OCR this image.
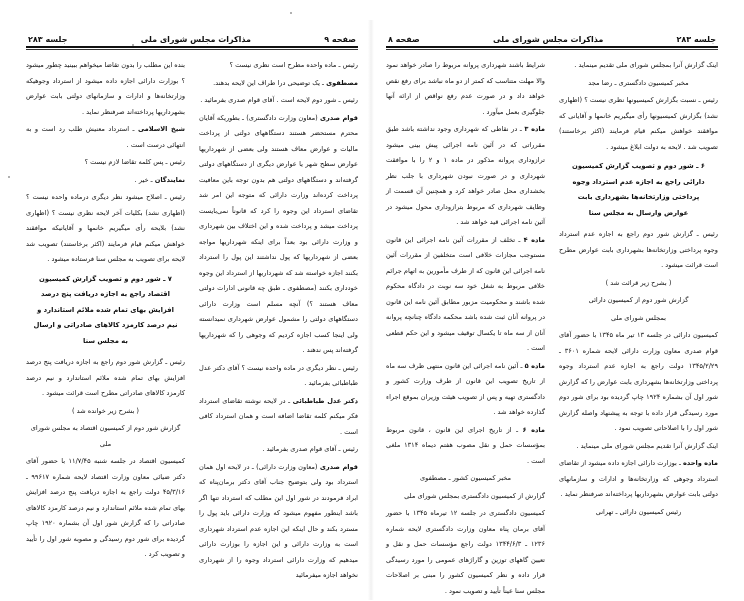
صفحه ۹
مذاکرات مجلس شورای ملی
جلسه ۲۸۳

رئیس ـ ماده واحده مطرح است نظری نیست ؟

مصطفوی ـ یک توضیحی درا طراف این لایحه بدهند.

رئیس ـ شور دوم لایحه است . آقای قوام صدری بفرمائید .

قوام صدری (معاون وزارت دادگستری) ـ بطوریکه آقایان محترم مستحضر هستند دستگاههای دولتی از پرداخت مالیات و عوارض معاف هستند ولی بعضی از شهرداریها عوارض سطح شهر یا عوارض دیگری از دستگاههای دولتی گرفته‌اند و دستگاههای دولتی هم بدون توجه باین معافیت پرداخت کرده‌اند وزارت دارائی که متوجه این امر شد تقاضای استرداد این وجوه را کرد که قانوناً نمی‌بایست پرداخت میشد و پرداخت شده و این اختلاف بین شهرداری و وزارت دارائی بود بعداً برای اینکه شهرداریها مواجه بعضی از شهرداریها که پول نداشتند این پول را استرداد بکنند اجازه خواسته شد که شهرداریها از استرداد این وجوه خودداری بکنند (مصطفوی ـ طبق چه قانونی ادارات دولتی معاف هستند ؟) آنچه مسلم است وزارت دارائی دستگاههای دولتی را مشمول عوارض شهرداری نمیدانسته ولی اینجا کسب اجازه کردیم که وجوهی را که شهرداریها گرفته‌اند پس ندهند .

رئیس ـ نظر دیگری در ماده واحده نیست ؟ آقای دکتر عدل طباطبائی بفرمائید .

دکتر عدل طباطبائی ـ در لایحه نوشته تقاضای استرداد فکر میکنم کلمه تقاضا اضافه است و همان استرداد کافی است .

رئیس ـ آقای قوام صدری بفرمائید .

قوام صدری (معاون وزارت دارائی) ـ در لایحه اول همان استرداد بود ولی بتوضیح جناب آقای دکتر برمان‌پناه که ابراد فرمودند در شور اول این مطلب که استرداد تنها اگر باشد اینطور مفهوم میشود که وزارت دارائی باید پول را مسترد بکند و حال اینکه این اجازه عدم استرداد شهرداری است به وزارت دارائی و این اجازه را بوزارت دارائی میدهیم که وزارت دارائی استرداد وجوه را از شهرداری نخواهد اجازه میفرمائید

بنده این مطلب را بدون تقاضا میخواهم ببینید چطور میشود ؟ بوزارت دارائی اجازه داده میشود از استرداد وجوهیکه وزارتخانه‌ها و ادارات و سازمانهای دولتی بابت عوارض بشهرداریها پرداخته‌اند صرفنظر نماید .

شیخ الاسلامی ـ استرداد معنیش طلب رد است و به انتهائی درست است .

رئیس ـ پس کلمه تقاضا لازم نیست ؟

نمایندگان ـ خیر .

رئیس ـ اصلاح میشود نظر دیگری درماده واحده نیست ؟ (اظهاری نشد) بکلیات آخر لایحه نظری نیست ؟ (اظهاری نشد) بلایحه رأی میگیریم خانمها و آقایانیکه موافقند خواهش میکنم قیام فرمایند (اکثر برخاستند) تصویب شد لایحه برای تصویب به مجلس سنا فرستاده میشود .

۷ ـ شور دوم و تصویب گزارش کمیسیون اقتصاد راجع به اجازه دریافت پنج درصد افزایش بهای تمام شده ملائم استاندارد و نیم درصد کارمزد کالاهای صادراتی و ارسال به مجلس سنا

رئیس ـ گزارش شور دوم راجع به اجازه دریافت پنج درصد افزایش بهای تمام شده ملائم استاندارد و نیم درصد کارمزد کالاهای صادراتی مطرح است قرائت میشود .

( بشرح زیر خوانده شد )

گزارش شور دوم از کمیسیون اقتصاد به مجلس شورای ملی

کمیسیون اقتصاد در جلسه شنبه ۱۱/۷/۴۵ با حضور آقای دکتر ضیائی معاون وزارت اقتصاد لایحه شماره ۹۹۶۱۷ ـ ۴۵/۳/۱۶ دولت راجع به اجازه دریافت پنج درصد افزایش بهای تمام شده ملائم استاندارد و نیم درصد کارمزد کالاهای صادراتی را که گزارش شور اول آن بشماره ۱۹۲۰ چاپ گردیده برای شور دوم رسیدگی و مصوبه شور اول را تأیید و تصویب کرد .

جلسه ۲۸۳
مذاکرات مجلس شورای ملی
صفحه ۸

اینک گزارش آنرا بمجلس شورای ملی تقدیم مینماید .

مخبر کمیسیون دادگستری ـ رضا مجد

رئیس ـ نسبت بگزارش کمیسیونها نظری نیست ؟ (اظهاری نشد) بگزارش کمیسیونها رأی میگیریم خانمها و آقایانی که موافقند خواهش میکنم قیام فرمایند (اکثر برخاستند) تصویب شد . لایحه به دولت ابلاغ میشود .

۶ ـ شور دوم و تصویب گزارش کمیسیون دارائی راجع به اجازه عدم استرداد وجوه پرداختی وزارتخانه‌ها بشهرداری بابت عوارض وارسال به مجلس سنا

رئیس ـ گزارش شور دوم راجع به اجازه عدم استرداد وجوه پرداختی وزارتخانه‌ها بشهرداری بابت عوارض مطرح است قرائت میشود .

( بشرح زیر قرائت شد )

گزارش شور دوم از کمیسیون دارائی

بمجلس شورای ملی

کمیسیون دارائی در جلسه ۱۳ تیر ماه ۱۳۴۵ با حضور آقای قوام صدری معاون وزارت دارائی لایحه شماره ۳۶۰۱ ـ ۱۳۴۵/۲/۲۹ دولت راجع به اجازه عدم استرداد وجوه پرداختی وزارتخانه‌ها بشهرداری بابت عوارض را که گزارش شور اول آن بشماره ۱۹۲۴ چاپ گردیده بود برای شور دوم مورد رسیدگی قرار داده با توجه به پیشنهاد واصله گزارش شور اول را با اصلاحاتی تصویب نمود .

اینک گزارش آنرا تقدیم مجلس شورای ملی مینماید .

ماده واحده ـ بوزارت دارائی اجازه داده میشود از تقاضای استرداد وجوهی که وزارتخانه‌ها و ادارات و سازمانهای دولتی بابت عوارض بشهرداریها پرداخته‌اند صرفنظر نماید .

رئیس کمیسیون دارائی ـ تهرانی

شرایط باشند شهرداری پروانه مربوط را صادر خواهد نمود والا مهلت متناسب که کمتر از دو ماه نباشد برای رفع نقص خواهد داد و در صورت عدم رفع نواقص از ارائه آنها جلوگیری بعمل میآورد .

ماده ۳ ـ در نقاطی که شهرداری وجود نداشته باشد طبق مقرراتی که در آئین نامه اجرائی پیش بینی میشود ترازوداری پروانه مذکور در ماده ۱ و ۲ را با موافقت شهرداری و در صورت نبودن شهرداری با جلب نظر بخشداری محل صادر خواهد کرد و همچنین آن قسمت از وظایف شهرداری که مربوط بترازوداری محول میشود در آئین نامه اجرائی قید خواهد شد .

ماده ۴ ـ تخلف از مقررات آئین نامه اجرائی این قانون مستوجب مجازات خلافی است متخلفین از مقررات آئین نامه اجرائی این قانون که از طرف مأمورین به اتهام جرائم خلافی مربوط به شغل خود سه نوبت در دادگاه محکوم شده باشند و محکومیت مزبور مطابق آئین نامه این قانون در پروانه آنان ثبت شده باشد محکمه دادگاه چنانچه پروانه آنان از سه ماه تا یکسال توقیف میشود و این حکم قطعی است .

ماده ۵ ـ آئین نامه اجرائی این قانون منتهی ظرف سه ماه از تاریخ تصویب این قانون از طرف وزارت کشور و دادگستری تهیه و پس از تصویب هیئت وزیران بموقع اجراء گذارده خواهد شد .

ماده ۶ ـ از تاریخ اجرای این قانون ، قانون مربوط بمؤسسات حمل و نقل مصوب هفتم دیماه ۱۳۱۴ ملغی است .

مخبر کمیسیون کشور ـ مصطفوی

گزارش از کمیسیون دادگستری بمجلس شورای ملی

کمیسیون دادگستری در جلسه ۱۲ تیرماه ۱۳۴۵ با حضور آقای برمان پناه معاون وزارت دادگستری لایحه شماره ۱۲۳۶ ـ ۱۳۴۴/۶/۳ دولت راجع مؤسسات حمل و نقل و تعیین گاههای توزین و گاراژهای عمومی را مورد رسیدگی قرار داده و نظر کمیسیون کشور را مبنی بر اصلاحات مجلس سنا عیناً تأیید و تصویب نمود .
